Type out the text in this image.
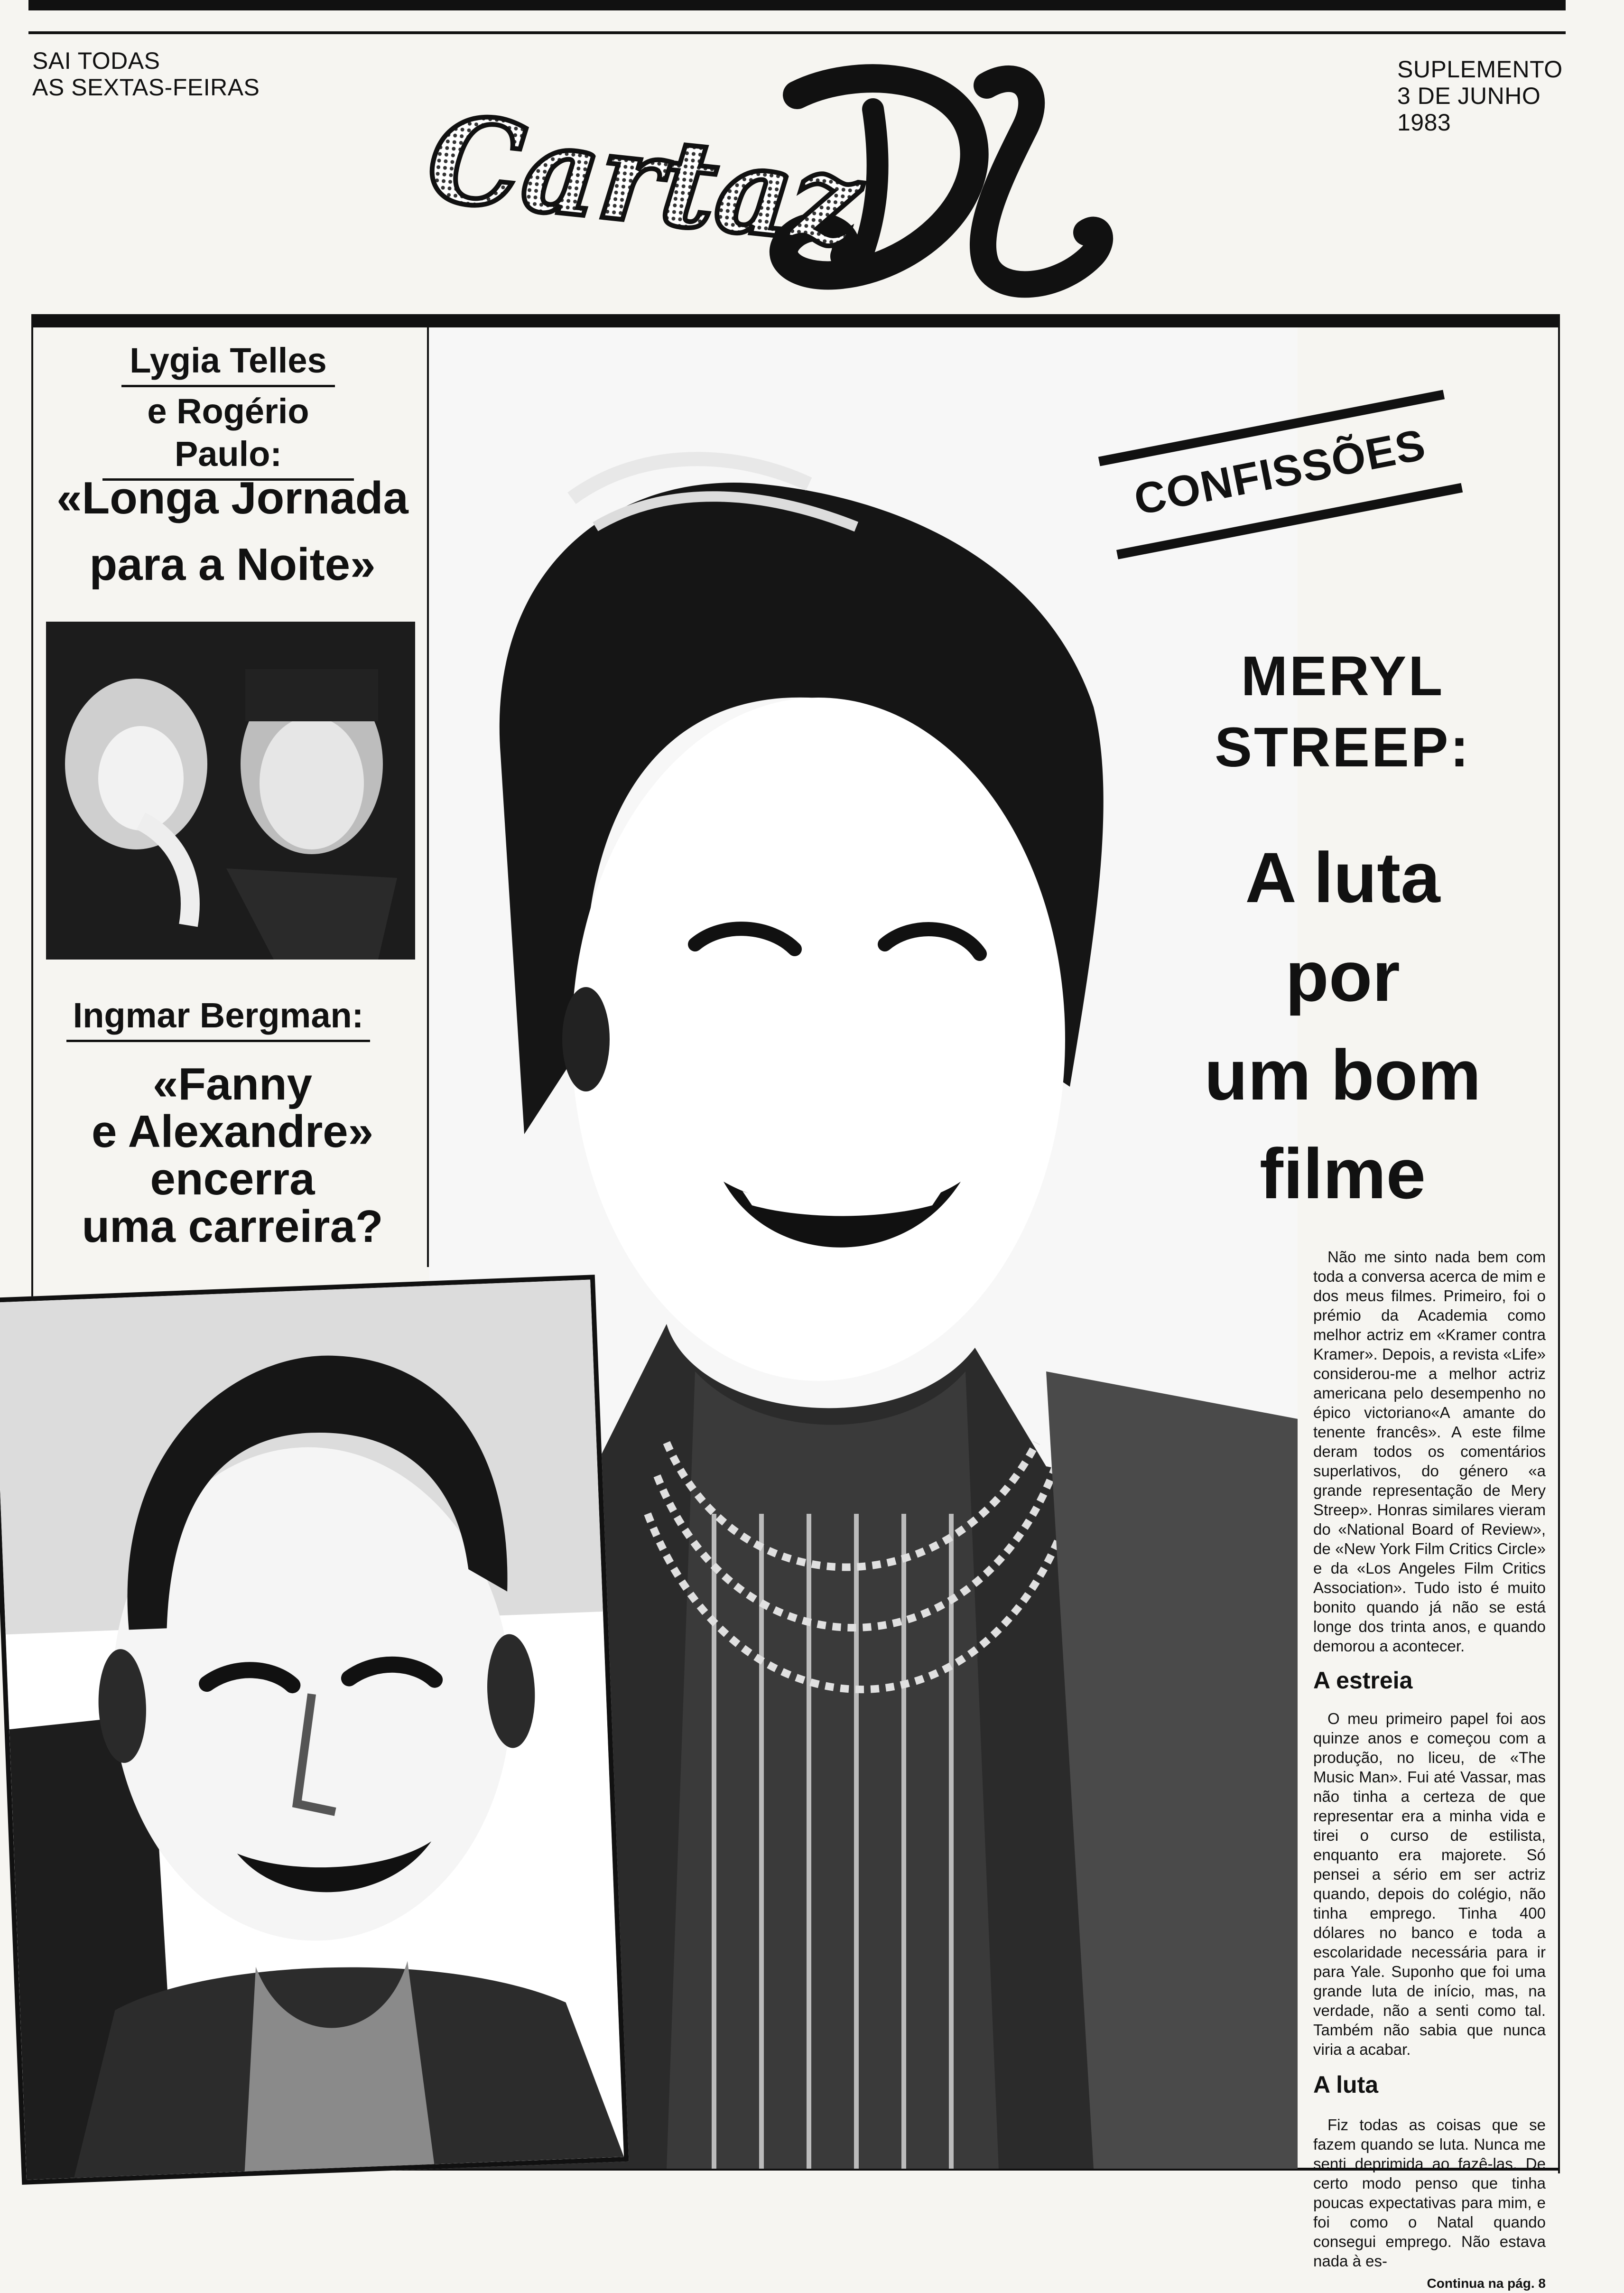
SAI TODAS
AS SEXTAS-FEIRAS
SUPLEMENTO
3 DE JUNHO
1983
Cartaz
Lygia Telles
e Rogério Paulo:
«Longa Jornada
para a Noite»
Ingmar Bergman:
«Fanny
e Alexandre»
encerra
uma carreira?
CONFISSÕES
MERYL
STREEP:
A luta
por
um bom
filme

Não me sinto nada bem com toda a conversa acerca de mim e dos meus filmes. Primeiro, foi o prémio da Academia como melhor actriz em «Kramer contra Kramer». Depois, a revista «Life» considerou-me a melhor actriz americana pelo desempenho no épico victoriano«A amante do tenente francês». A este filme deram todos os comentários superlativos, do género «a grande representação de Mery Streep». Honras similares vieram do «National Board of Review», de «New York Film Critics Circle» e da «Los Angeles Film Critics Association». Tudo isto é muito bonito quando já não se está longe dos trinta anos, e quando demorou a acontecer.

A estreia

O meu primeiro papel foi aos quinze anos e começou com a produção, no liceu, de «The Music Man». Fui até Vassar, mas não tinha a certeza de que representar era a minha vida e tirei o curso de estilista, enquanto era majorete. Só pensei a sério em ser actriz quando, depois do colégio, não tinha emprego. Tinha 400 dólares no banco e toda a escolaridade necessária para ir para Yale. Suponho que foi uma grande luta de início, mas, na verdade, não a senti como tal. Também não sabia que nunca viria a acabar.

A luta

Fiz todas as coisas que se fazem quando se luta. Nunca me senti deprimida ao fazê-las. De certo modo penso que tinha poucas expectativas para mim, e foi como o Natal quando consegui emprego. Não estava nada à es-

Continua na pág. 8
